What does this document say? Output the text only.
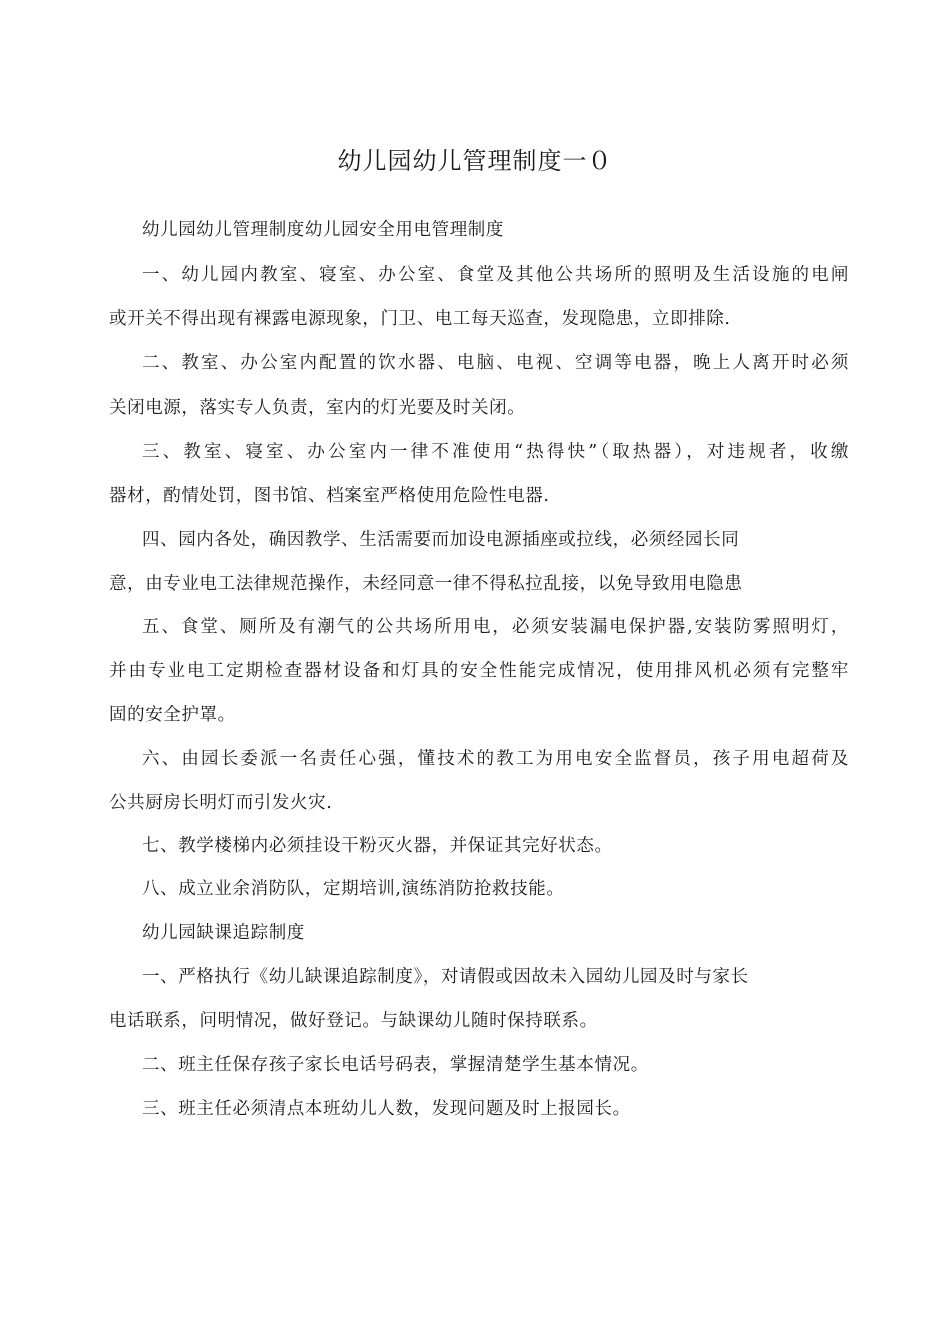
幼儿园幼儿管理制度一０

幼儿园幼儿管理制度幼儿园安全用电管理制度

一、幼儿园内教室、寝室、办公室、食堂及其他公共场所的照明及生活设施的电闸

或开关不得出现有裸露电源现象，门卫、电工每天巡查，发现隐患，立即排除.

二、教室、办公室内配置的饮水器、电脑、电视、空调等电器，晚上人离开时必须

关闭电源，落实专人负责，室内的灯光要及时关闭。

三、教室、寝室、办公室内一律不准使用“热得快”（取热器），对违规者，收缴

器材，酌情处罚，图书馆、档案室严格使用危险性电器.

四、园内各处，确因教学、生活需要而加设电源插座或拉线，必须经园长同

意，由专业电工法律规范操作，未经同意一律不得私拉乱接，以免导致用电隐患

五、食堂、厕所及有潮气的公共场所用电，必须安装漏电保护器,安装防雾照明灯，

并由专业电工定期检查器材设备和灯具的安全性能完成情况，使用排风机必须有完整牢

固的安全护罩。

六、由园长委派一名责任心强，懂技术的教工为用电安全监督员，孩子用电超荷及

公共厨房长明灯而引发火灾.

七、教学楼梯内必须挂设干粉灭火器，并保证其完好状态。

八、成立业余消防队，定期培训,演练消防抢救技能。

幼儿园缺课追踪制度

一、严格执行《幼儿缺课追踪制度》，对请假或因故未入园幼儿园及时与家长

电话联系，问明情况，做好登记。与缺课幼儿随时保持联系。

二、班主任保存孩子家长电话号码表，掌握清楚学生基本情况。

三、班主任必须清点本班幼儿人数，发现问题及时上报园长。
